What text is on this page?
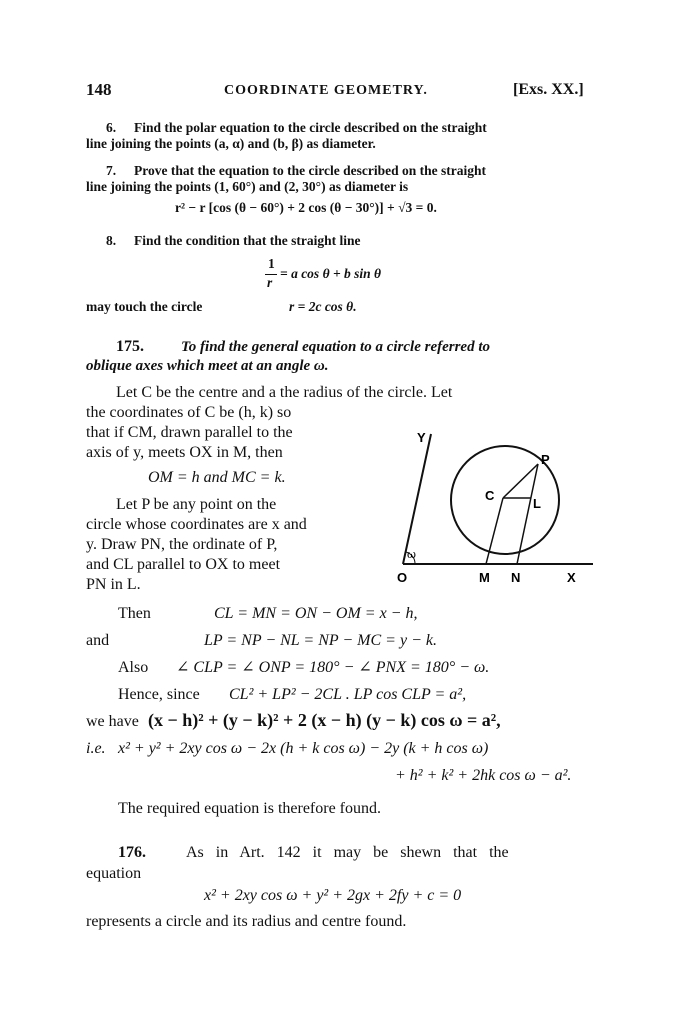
148	COORDINATE GEOMETRY.	[Exs. XX.]
6. Find the polar equation to the circle described on the straight
line joining the points (a, α) and (b, β) as diameter.
7. Prove that the equation to the circle described on the straight
line joining the points (1, 60°) and (2, 30°) as diameter is
r² − r [cos (θ − 60°) + 2 cos (θ − 30°)] + √3 = 0.
8. Find the condition that the straight line
1
r
= a cos θ + b sin θ
may touch the circle	r = 2c cos θ.
175. To find the general equation to a circle referred to
oblique axes which meet at an angle ω.
Let C be the centre and a the radius of the circle. Let
the coordinates of C be (h, k) so
that if CM, drawn parallel to the
axis of y, meets OX in M, then
OM = h and MC = k.
Let P be any point on the
circle whose coordinates are x and
y. Draw PN, the ordinate of P,
and CL parallel to OX to meet
PN in L.
Y
P
C
L
ω
O	M N	X
Then	CL = MN = ON − OM = x − h,
and	LP = NP − NL = NP − MC = y − k.
Also ∠ CLP = ∠ ONP = 180° − ∠ PNX = 180° − ω.
Hence, since CL² + LP² − 2CL . LP cos CLP = a²,
we have (x − h)² + (y − k)² + 2 (x − h) (y − k) cos ω = a²,
i.e. x² + y² + 2xy cos ω − 2x (h + k cos ω) − 2y (k + h cos ω)
+ h² + k² + 2hk cos ω − a².
The required equation is therefore found.
176.	As in Art. 142 it may be shewn that the
equation
x² + 2xy cos ω + y² + 2gx + 2fy + c = 0
represents a circle and its radius and centre found.
